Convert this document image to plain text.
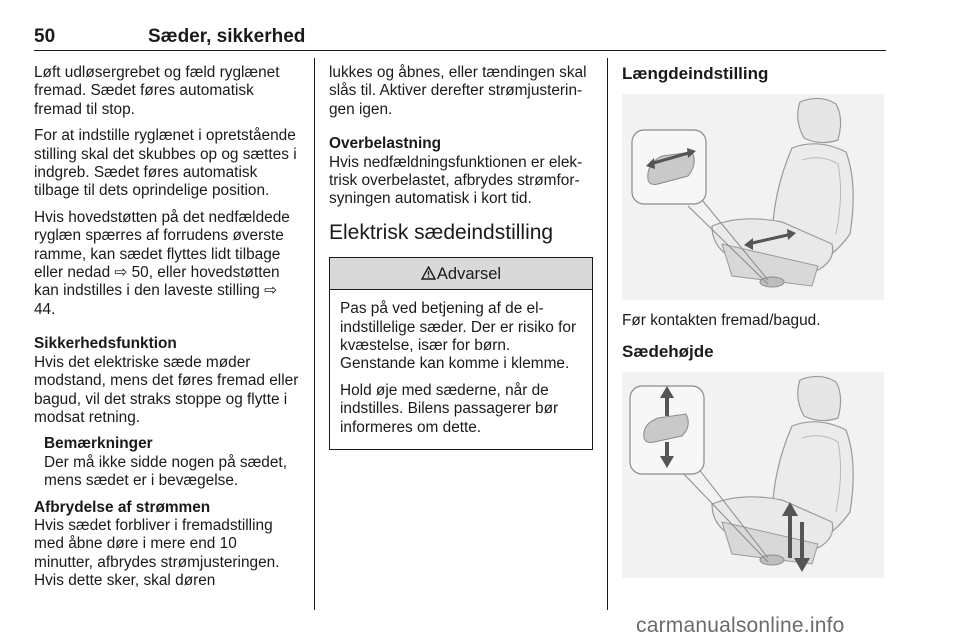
50	Sæder, sikkerhed

Løft udløsergrebet og fæld ryglænet fremad. Sædet føres automatisk fremad til stop.

For at indstille ryglænet i opretstående stilling skal det skubbes op og sættes i indgreb. Sædet føres automatisk tilbage til dets oprindelige position.

Hvis hovedstøtten på det nedfældede ryglæn spærres af forrudens øverste ramme, kan sædet flyttes lidt tilbage eller nedad ⇨ 50, eller hovedstøtten kan indstilles i den laveste stilling ⇨ 44.

Sikkerhedsfunktion

Hvis det elektriske sæde møder modstand, mens det føres fremad eller bagud, vil det straks stoppe og flytte i modsat retning.

Bemærkninger
Der må ikke sidde nogen på sædet, mens sædet er i bevægelse.
Afbrydelse af strømmen

Hvis sædet forbliver i fremadstilling med åbne døre i mere end 10 minutter, afbrydes strømjusteringen. Hvis dette sker, skal døren

lukkes og åbnes, eller tændingen skal slås til. Aktiver derefter strømjusteringen igen.

Overbelastning

Hvis nedfældningsfunktionen er elektrisk overbelastet, afbrydes strømforsyningen automatisk i kort tid.

Elektrisk sædeindstilling
Advarsel

Pas på ved betjening af de elindstillelige sæder. Der er risiko for kvæstelse, især for børn. Genstande kan komme i klemme.

Hold øje med sæderne, når de indstilles. Bilens passagerer bør informeres om dette.

Længdeindstilling

Før kontakten fremad/bagud.

Sædehøjde
carmanualsonline.info
